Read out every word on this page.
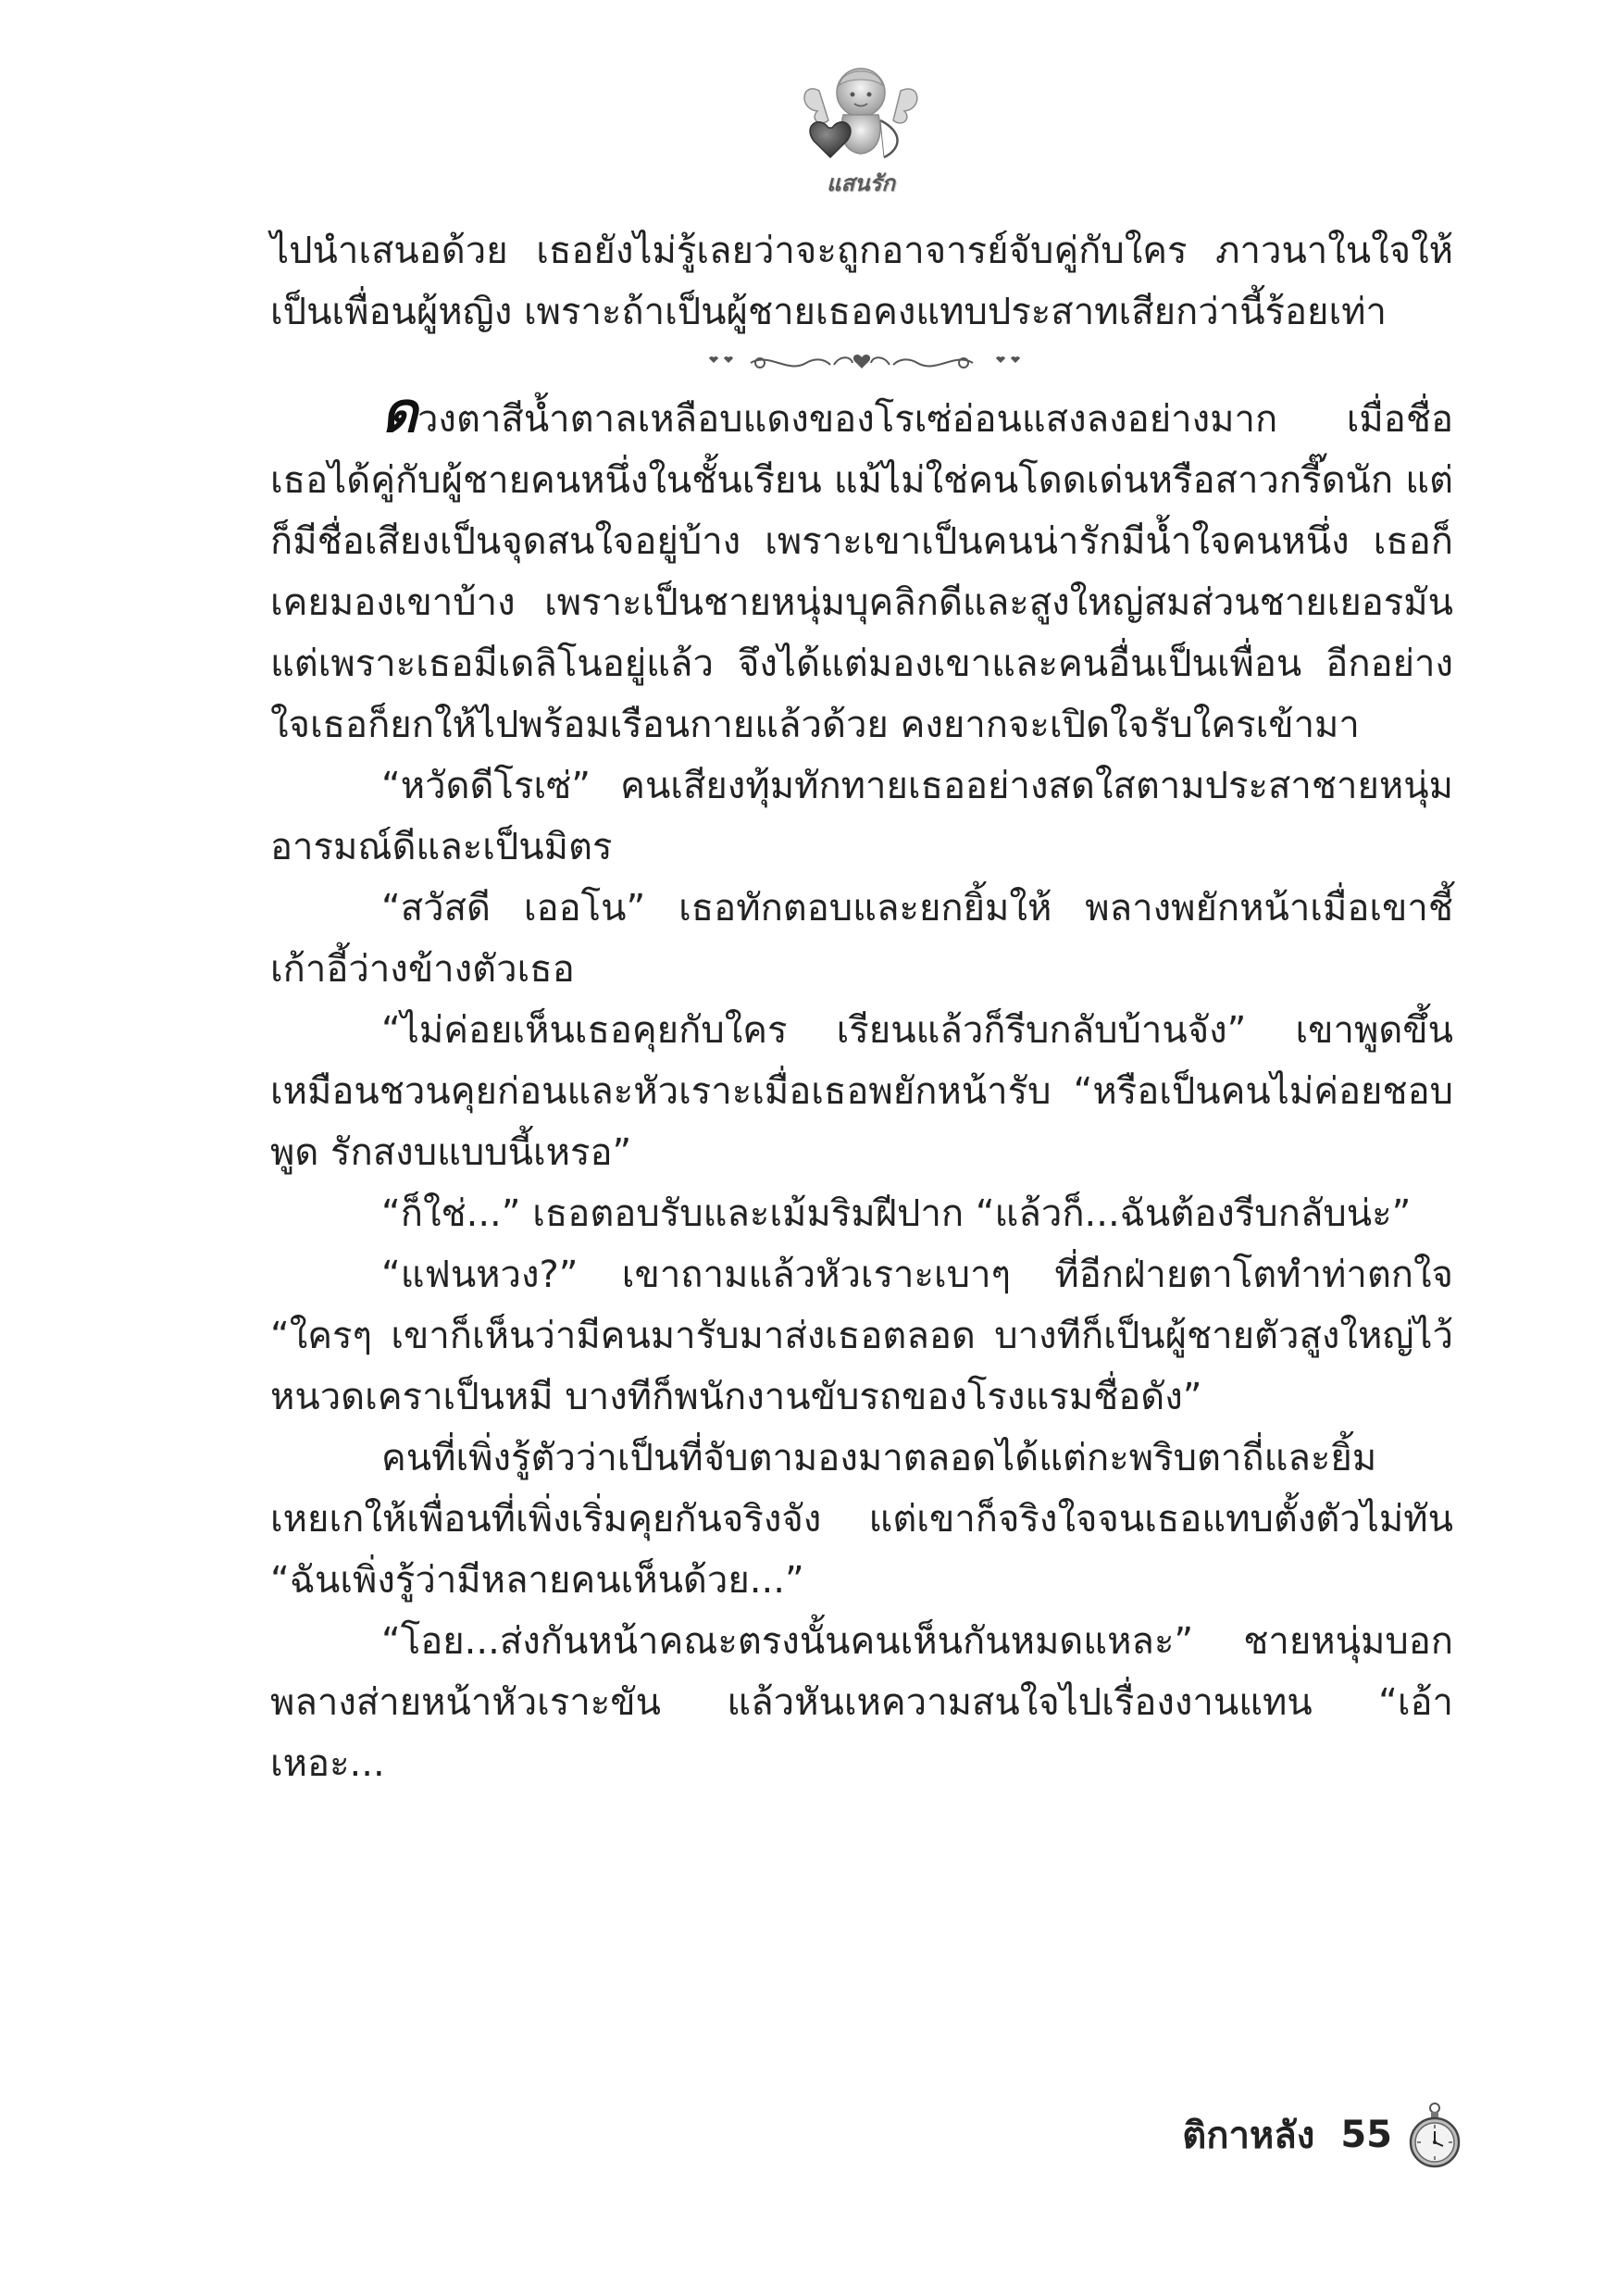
แสนรัก

ไปนำเสนอด้วย เธอยังไม่รู้เลยว่าจะถูกอาจารย์จับคู่กับใคร ภาวนาในใจให้เป็นเพื่อนผู้หญิง เพราะถ้าเป็นผู้ชายเธอคงแทบประสาทเสียกว่านี้ร้อยเท่า

ดวงตาสีน้ำตาลเหลือบแดงของโรเซ่อ่อนแสงลงอย่างมาก เมื่อชื่อเธอได้คู่กับผู้ชายคนหนึ่งในชั้นเรียน แม้ไม่ใช่คนโดดเด่นหรือสาวกรี๊ดนัก แต่ก็มีชื่อเสียงเป็นจุดสนใจอยู่บ้าง เพราะเขาเป็นคนน่ารักมีน้ำใจคนหนึ่ง เธอก็เคยมองเขาบ้าง เพราะเป็นชายหนุ่มบุคลิกดีและสูงใหญ่สมส่วนชายเยอรมัน แต่เพราะเธอมีเดลิโนอยู่แล้ว จึงได้แต่มองเขาและคนอื่นเป็นเพื่อน อีกอย่างใจเธอก็ยกให้ไปพร้อมเรือนกายแล้วด้วย คงยากจะเปิดใจรับใครเข้ามา

“หวัดดีโรเซ่” คนเสียงทุ้มทักทายเธออย่างสดใสตามประสาชายหนุ่มอารมณ์ดีและเป็นมิตร

“สวัสดี เออโน” เธอทักตอบและยกยิ้มให้ พลางพยักหน้าเมื่อเขาชี้เก้าอี้ว่างข้างตัวเธอ

“ไม่ค่อยเห็นเธอคุยกับใคร เรียนแล้วก็รีบกลับบ้านจัง” เขาพูดขึ้นเหมือนชวนคุยก่อนและหัวเราะเมื่อเธอพยักหน้ารับ “หรือเป็นคนไม่ค่อยชอบพูด รักสงบแบบนี้เหรอ”

“ก็ใช่...” เธอตอบรับและเม้มริมฝีปาก “แล้วก็...ฉันต้องรีบกลับน่ะ”

“แฟนหวง?” เขาถามแล้วหัวเราะเบาๆ ที่อีกฝ่ายตาโตทำท่าตกใจ “ใครๆ เขาก็เห็นว่ามีคนมารับมาส่งเธอตลอด บางทีก็เป็นผู้ชายตัวสูงใหญ่ไว้หนวดเคราเป็นหมี บางทีก็พนักงานขับรถของโรงแรมชื่อดัง”

คนที่เพิ่งรู้ตัวว่าเป็นที่จับตามองมาตลอดได้แต่กะพริบตาถี่และยิ้มเหยเกให้เพื่อนที่เพิ่งเริ่มคุยกันจริงจัง แต่เขาก็จริงใจจนเธอแทบตั้งตัวไม่ทัน “ฉันเพิ่งรู้ว่ามีหลายคนเห็นด้วย...”

“โอย...ส่งกันหน้าคณะตรงนั้นคนเห็นกันหมดแหละ” ชายหนุ่มบอกพลางส่ายหน้าหัวเราะขัน แล้วหันเหความสนใจไปเรื่องงานแทน “เอ้าเหอะ...

ติกาหลัง 55
